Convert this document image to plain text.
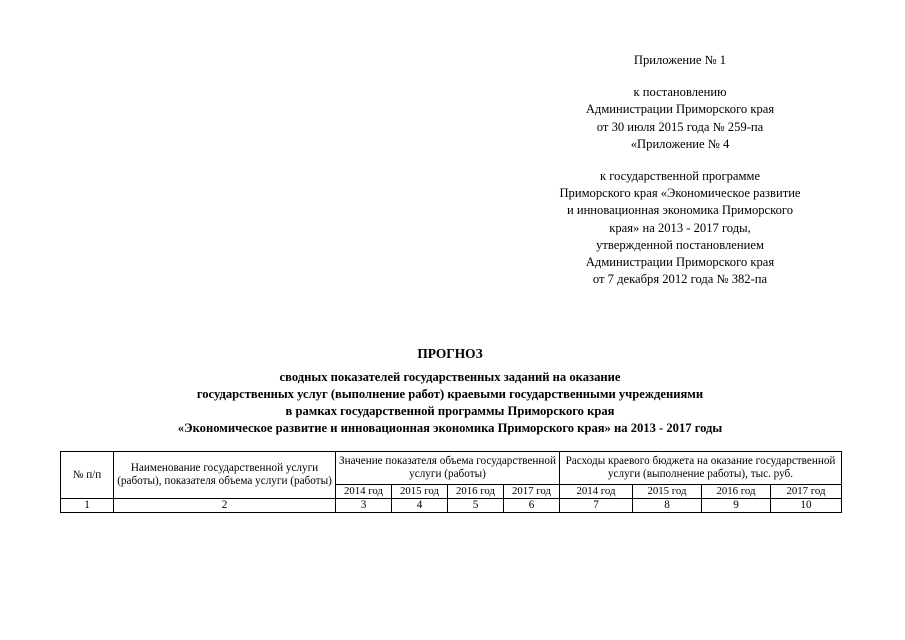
Приложение № 1
к постановлению
Администрации Приморского края
от 30 июля 2015 года № 259-па
«Приложение № 4
к государственной программе
Приморского края «Экономическое развитие
и инновационная экономика Приморского
края» на 2013 - 2017 годы,
утвержденной постановлением
Администрации Приморского края
от 7 декабря 2012 года № 382-па
ПРОГНОЗ
сводных показателей государственных заданий на оказание
государственных услуг (выполнение работ) краевыми государственными учреждениями
в рамках государственной программы Приморского края
«Экономическое развитие и инновационная экономика Приморского края» на 2013 - 2017 годы
№ п/п	Наименование государственной услуги (работы), показателя объема услуги (работы)	Значение показателя объема государственной услуги (работы)				Расходы краевого бюджета на оказание государственной услуги (выполнение работы), тыс. руб.			
		2014 год	2015 год	2016 год	2017 год	2014 год	2015 год	2016 год	2017 год
1	2	3	4	5	6	7	8	9	10
